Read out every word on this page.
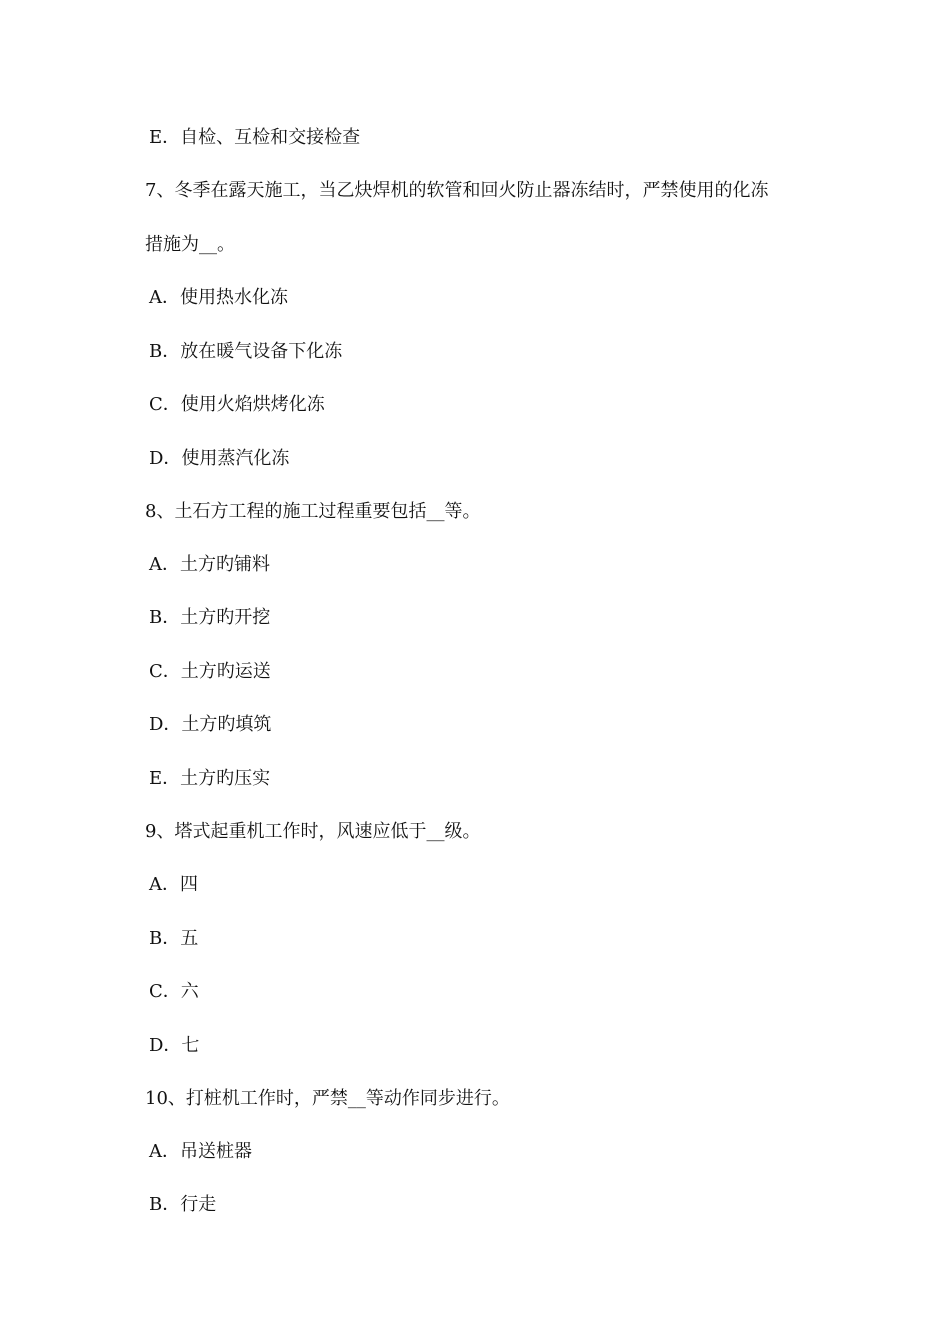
E．自检、互检和交接检查
7、冬季在露天施工，当乙炔焊机的软管和回火防止器冻结时，严禁使用的化冻
措施为__。
A．使用热水化冻
B．放在暖气设备下化冻
C．使用火焰烘烤化冻
D．使用蒸汽化冻
8、土石方工程的施工过程重要包括__等。
A．土方旳铺料
B．土方旳开挖
C．土方旳运送
D．土方旳填筑
E．土方旳压实
9、塔式起重机工作时，风速应低于__级。
A．四
B．五
C．六
D．七
10、打桩机工作时，严禁__等动作同步进行。
A．吊送桩器
B．行走
